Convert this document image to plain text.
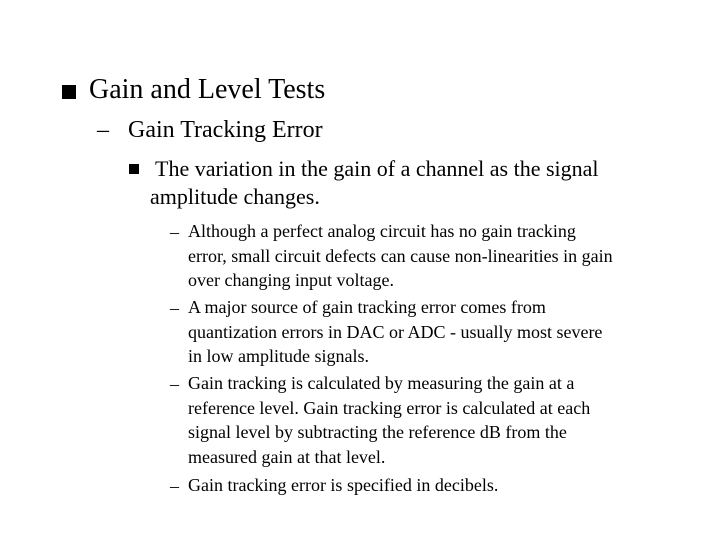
Gain and Level Tests
– Gain Tracking Error
The variation in the gain of a channel as the signal
amplitude changes.
– Although a perfect analog circuit has no gain tracking
error, small circuit defects can cause non-linearities in gain
over changing input voltage.
– A major source of gain tracking error comes from
quantization errors in DAC or ADC - usually most severe
in low amplitude signals.
– Gain tracking is calculated by measuring the gain at a
reference level. Gain tracking error is calculated at each
signal level by subtracting the reference dB from the
measured gain at that level.
– Gain tracking error is specified in decibels.
